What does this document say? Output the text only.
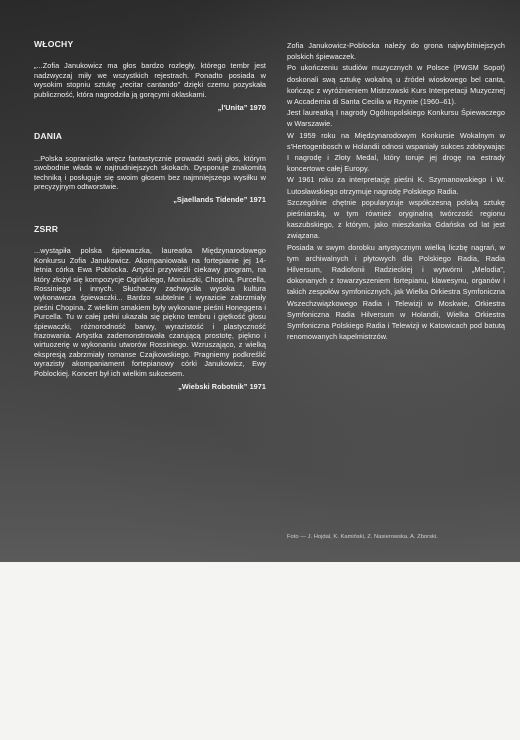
WŁOCHY

„...Zofia Janukowicz ma głos bardzo rozległy, którego tembr jest nadzwyczaj miły we wszystkich rejestrach. Ponadto posiada w wysokim stopniu sztukę „recitar cantando” dzięki czemu pozyskała publiczność, która nagrodziła ją gorącymi oklaskami.

„l'Unita” 1970
DANIA

...Polska sopranistka wręcz fantastycznie prowadzi swój głos, którym swobodnie włada w najtrudniejszych skokach. Dysponuje znakomitą techniką i posługuje się swoim głosem bez najmniejszego wysiłku w precyzyjnym odtworstwie.

„Sjaellands Tidende” 1971
ZSRR

...wystąpiła polska śpiewaczka, laureatka Międzynarodowego Konkursu Zofia Janukowicz. Akompaniowała na fortepianie jej 14-letnia córka Ewa Poblocka. Artyści przywieźli ciekawy program, na który złożył się kompozycje Ogińskiego, Moniuszki, Chopina, Purcella, Rossiniego i innych. Słuchaczy zachwyciła wysoka kultura wykonawcza śpiewaczki... Bardzo subtelnie i wyrazicie zabrzmiały pieśni Chopina. Z wielkim smakiem były wykonane pieśni Honeggera i Purcella. Tu w całej pełni ukazała się piękno tembru i giętkość głosu śpiewaczki, różnorodność barwy, wyrazistość i plastyczność frazowania. Artystka zademonstrowała czarującą prostotę, piękno i wirtuozerię w wykonaniu utworów Rossiniego. Wzruszająco, z wielką ekspresją zabrzmiały romanse Czajkowskiego. Pragniemy podkreślić wyrazisty akompaniament fortepianowy córki Janukowicz, Ewy Poblockiej. Koncert był ich wielkim sukcesem.

„Wiebski Robotnik” 1971

Zofia Janukowicz-Poblocka należy do grona najwybitniejszych polskich śpiewaczek.

Po ukończeniu studiów muzycznych w Polsce (PWSM Sopot) doskonali swą sztukę wokalną u źródeł wiosłowego bel canta, kończąc z wyróżnieniem Mistrzowski Kurs Interpretacji Muzycznej w Accademia di Santa Cecilia w Rzymie (1960–61).

Jest laureatką I nagrody Ogólnopolskiego Konkursu Śpiewaczego w Warszawie.

W 1959 roku na Międzynarodowym Konkursie Wokalnym w s'Hertogenbosch w Holandii odnosi wspaniały sukces zdobywając I nagrodę i Złoty Medal, który toruje jej drogę na estrady koncertowe całej Europy.

W 1961 roku za interpretację pieśni K. Szymanowskiego i W. Lutosławskiego otrzymuje nagrodę Polskiego Radia.

Szczególnie chętnie popularyzuje współczesną polską sztukę pieśniarską, w tym również oryginalną twórczość regionu kaszubskiego, z którym, jako mieszkanka Gdańska od lat jest związana.

Posiada w swym dorobku artystycznym wielką liczbę nagrań, w tym archiwalnych i płytowych dla Polskiego Radia, Radia Hilversum, Radiofonii Radzieckiej i wytwórni „Melodia”, dokonanych z towarzyszeniem fortepianu, klawesynu, organów i takich zespołów symfonicznych, jak Wielka Orkiestra Symfoniczna Wszechzwiązkowego Radia i Telewizji w Moskwie, Orkiestra Symfoniczna Radia Hilversum w Holandii, Wielka Orkiestra Symfoniczna Polskiego Radia i Telewizji w Katowicach pod batutą renomowanych kapelmistrzów.

Foto — J. Hojdal, K. Kamiński, Z. Nasierowska, A. Zborski.
